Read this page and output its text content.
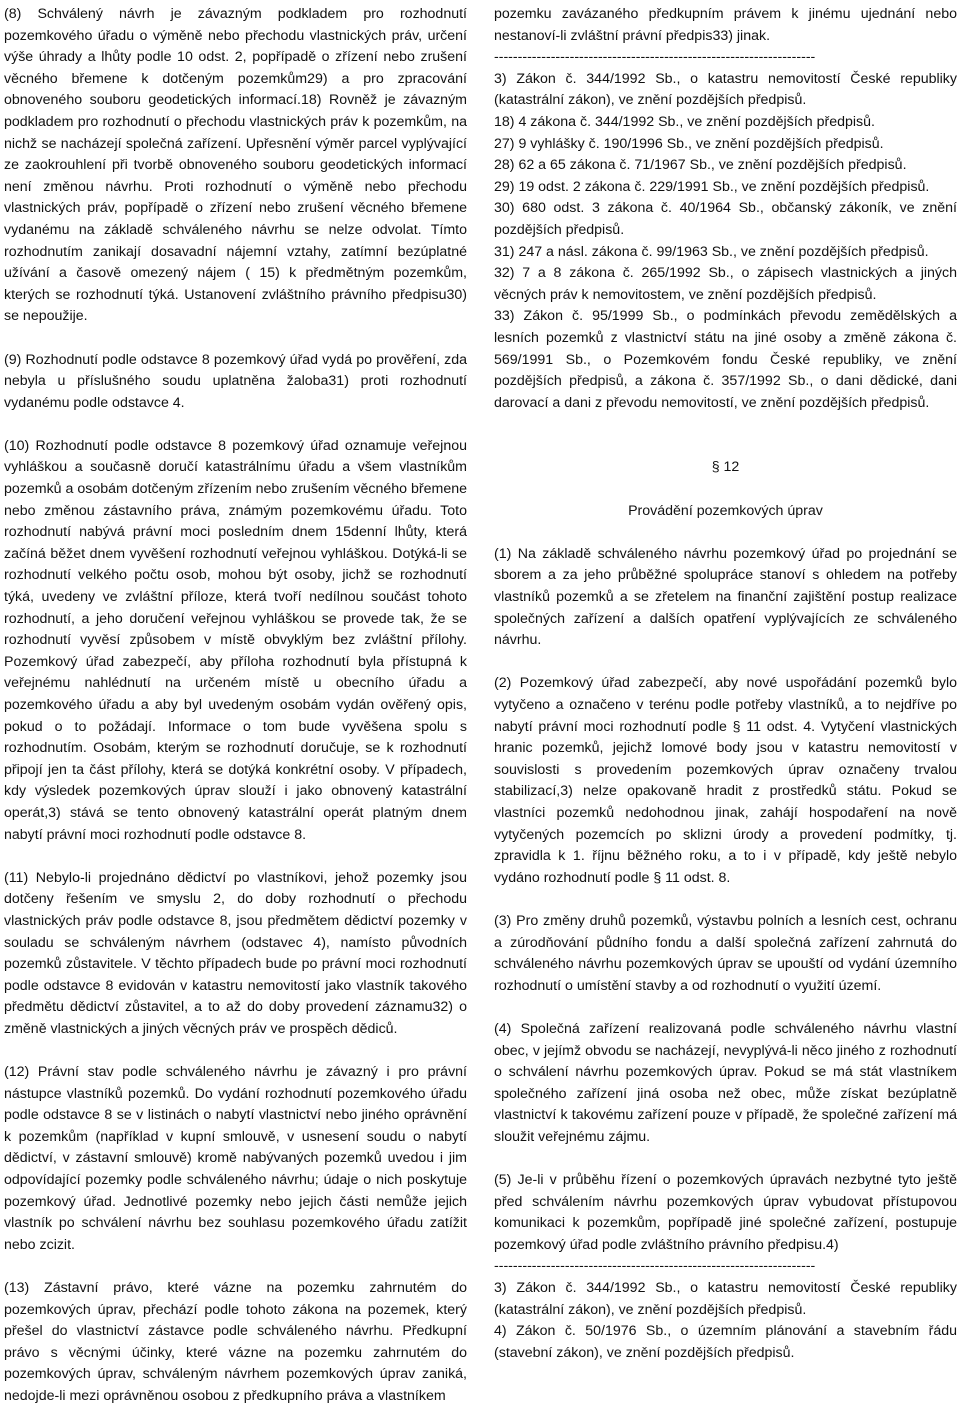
(8) Schválený návrh je závazným podkladem pro rozhodnutí pozemkového úřadu o výměně nebo přechodu vlastnických práv, určení výše úhrady a lhůty podle 10 odst. 2, popřípadě o zřízení nebo zrušení věcného břemene k dotčeným pozemkům29) a pro zpracování obnoveného souboru geodetických informací.18) Rovněž je závazným podkladem pro rozhodnutí o přechodu vlastnických práv k pozemkům, na nichž se nacházejí společná zařízení. Upřesnění výměr parcel vyplývající ze zaokrouhlení při tvorbě obnoveného souboru geodetických informací není změnou návrhu. Proti rozhodnutí o výměně nebo přechodu vlastnických práv, popřípadě o zřízení nebo zrušení věcného břemene vydanému na základě schváleného návrhu se nelze odvolat. Tímto rozhodnutím zanikají dosavadní nájemní vztahy, zatímní bezúplatné užívání a časově omezený nájem ( 15) k předmětným pozemkům, kterých se rozhodnutí týká. Ustanovení zvláštního právního předpisu30) se nepoužije.

(9) Rozhodnutí podle odstavce 8 pozemkový úřad vydá po prověření, zda nebyla u příslušného soudu uplatněna žaloba31) proti rozhodnutí vydanému podle odstavce 4.

(10) Rozhodnutí podle odstavce 8 pozemkový úřad oznamuje veřejnou vyhláškou a současně doručí katastrálnímu úřadu a všem vlastníkům pozemků a osobám dotčeným zřízením nebo zrušením věcného břemene nebo změnou zástavního práva, známým pozemkovému úřadu. Toto rozhodnutí nabývá právní moci posledním dnem 15denní lhůty, která začíná běžet dnem vyvěšení rozhodnutí veřejnou vyhláškou. Dotýká-li se rozhodnutí velkého počtu osob, mohou být osoby, jichž se rozhodnutí týká, uvedeny ve zvláštní příloze, která tvoří nedílnou součást tohoto rozhodnutí, a jeho doručení veřejnou vyhláškou se provede tak, že se rozhodnutí vyvěsí způsobem v místě obvyklým bez zvláštní přílohy. Pozemkový úřad zabezpečí, aby příloha rozhodnutí byla přístupná k veřejnému nahlédnutí na určeném místě u obecního úřadu a pozemkového úřadu a aby byl uvedeným osobám vydán ověřený opis, pokud o to požádají. Informace o tom bude vyvěšena spolu s rozhodnutím. Osobám, kterým se rozhodnutí doručuje, se k rozhodnutí připojí jen ta část přílohy, která se dotýká konkrétní osoby. V případech, kdy výsledek pozemkových úprav slouží i jako obnovený katastrální operát,3) stává se tento obnovený katastrální operát platným dnem nabytí právní moci rozhodnutí podle odstavce 8.

(11) Nebylo-li projednáno dědictví po vlastníkovi, jehož pozemky jsou dotčeny řešením ve smyslu 2, do doby rozhodnutí o přechodu vlastnických práv podle odstavce 8, jsou předmětem dědictví pozemky v souladu se schváleným návrhem (odstavec 4), namísto původních pozemků zůstavitele. V těchto případech bude po právní moci rozhodnutí podle odstavce 8 evidován v katastru nemovitostí jako vlastník takového předmětu dědictví zůstavitel, a to až do doby provedení záznamu32) o změně vlastnických a jiných věcných práv ve prospěch dědiců.

(12) Právní stav podle schváleného návrhu je závazný i pro právní nástupce vlastníků pozemků. Do vydání rozhodnutí pozemkového úřadu podle odstavce 8 se v listinách o nabytí vlastnictví nebo jiného oprávnění k pozemkům (například v kupní smlouvě, v usnesení soudu o nabytí dědictví, v zástavní smlouvě) kromě nabývaných pozemků uvedou i jim odpovídající pozemky podle schváleného návrhu; údaje o nich poskytuje pozemkový úřad. Jednotlivé pozemky nebo jejich části nemůže jejich vlastník po schválení návrhu bez souhlasu pozemkového úřadu zatížit nebo zcizit.

(13) Zástavní právo, které vázne na pozemku zahrnutém do pozemkových úprav, přechází podle tohoto zákona na pozemek, který přešel do vlastnictví zástavce podle schváleného návrhu. Předkupní právo s věcnými účinky, které vázne na pozemku zahrnutém do pozemkových úprav, schváleným návrhem pozemkových úprav zaniká, nedojde-li mezi oprávněnou osobou z předkupního práva a vlastníkem

pozemku zavázaného předkupním právem k jinému ujednání nebo nestanoví-li zvláštní právní předpis33) jinak.

--------------------------------------------------------------------

3) Zákon č. 344/1992 Sb., o katastru nemovitostí České republiky (katastrální zákon), ve znění pozdějších předpisů.

18) 4 zákona č. 344/1992 Sb., ve znění pozdějších předpisů.

27) 9 vyhlášky č. 190/1996 Sb., ve znění pozdějších předpisů.

28) 62 a 65 zákona č. 71/1967 Sb., ve znění pozdějších předpisů.

29) 19 odst. 2 zákona č. 229/1991 Sb., ve znění pozdějších předpisů.

30) 680 odst. 3 zákona č. 40/1964 Sb., občanský zákoník, ve znění pozdějších předpisů.

31) 247 a násl. zákona č. 99/1963 Sb., ve znění pozdějších předpisů.

32) 7 a 8 zákona č. 265/1992 Sb., o zápisech vlastnických a jiných věcných práv k nemovitostem, ve znění pozdějších předpisů.

33) Zákon č. 95/1999 Sb., o podmínkách převodu zemědělských a lesních pozemků z vlastnictví státu na jiné osoby a změně zákona č. 569/1991 Sb., o Pozemkovém fondu České republiky, ve znění pozdějších předpisů, a zákona č. 357/1992 Sb., o dani dědické, dani darovací a dani z převodu nemovitostí, ve znění pozdějších předpisů.

§ 12

Provádění pozemkových úprav

(1) Na základě schváleného návrhu pozemkový úřad po projednání se sborem a za jeho průběžné spolupráce stanoví s ohledem na potřeby vlastníků pozemků a se zřetelem na finanční zajištění postup realizace společných zařízení a dalších opatření vyplývajících ze schváleného návrhu.

(2) Pozemkový úřad zabezpečí, aby nové uspořádání pozemků bylo vytyčeno a označeno v terénu podle potřeby vlastníků, a to nejdříve po nabytí právní moci rozhodnutí podle § 11 odst. 4. Vytyčení vlastnických hranic pozemků, jejichž lomové body jsou v katastru nemovitostí v souvislosti s provedením pozemkových úprav označeny trvalou stabilizací,3) nelze opakovaně hradit z prostředků státu. Pokud se vlastníci pozemků nedohodnou jinak, zahájí hospodaření na nově vytyčených pozemcích po sklizni úrody a provedení podmítky, tj. zpravidla k 1. říjnu běžného roku, a to i v případě, kdy ještě nebylo vydáno rozhodnutí podle § 11 odst. 8.

(3) Pro změny druhů pozemků, výstavbu polních a lesních cest, ochranu a zúrodňování půdního fondu a další společná zařízení zahrnutá do schváleného návrhu pozemkových úprav se upouští od vydání územního rozhodnutí o umístění stavby a od rozhodnutí o využití území.

(4) Společná zařízení realizovaná podle schváleného návrhu vlastní obec, v jejímž obvodu se nacházejí, nevyplývá-li něco jiného z rozhodnutí o schválení návrhu pozemkových úprav. Pokud se má stát vlastníkem společného zařízení jiná osoba než obec, může získat bezúplatně vlastnictví k takovému zařízení pouze v případě, že společné zařízení má sloužit veřejnému zájmu.

(5) Je-li v průběhu řízení o pozemkových úpravách nezbytné tyto ještě před schválením návrhu pozemkových úprav vybudovat přístupovou komunikaci k pozemkům, popřípadě jiné společné zařízení, postupuje pozemkový úřad podle zvláštního právního předpisu.4)

--------------------------------------------------------------------

3) Zákon č. 344/1992 Sb., o katastru nemovitostí České republiky (katastrální zákon), ve znění pozdějších předpisů.

4) Zákon č. 50/1976 Sb., o územním plánování a stavebním řádu (stavební zákon), ve znění pozdějších předpisů.
